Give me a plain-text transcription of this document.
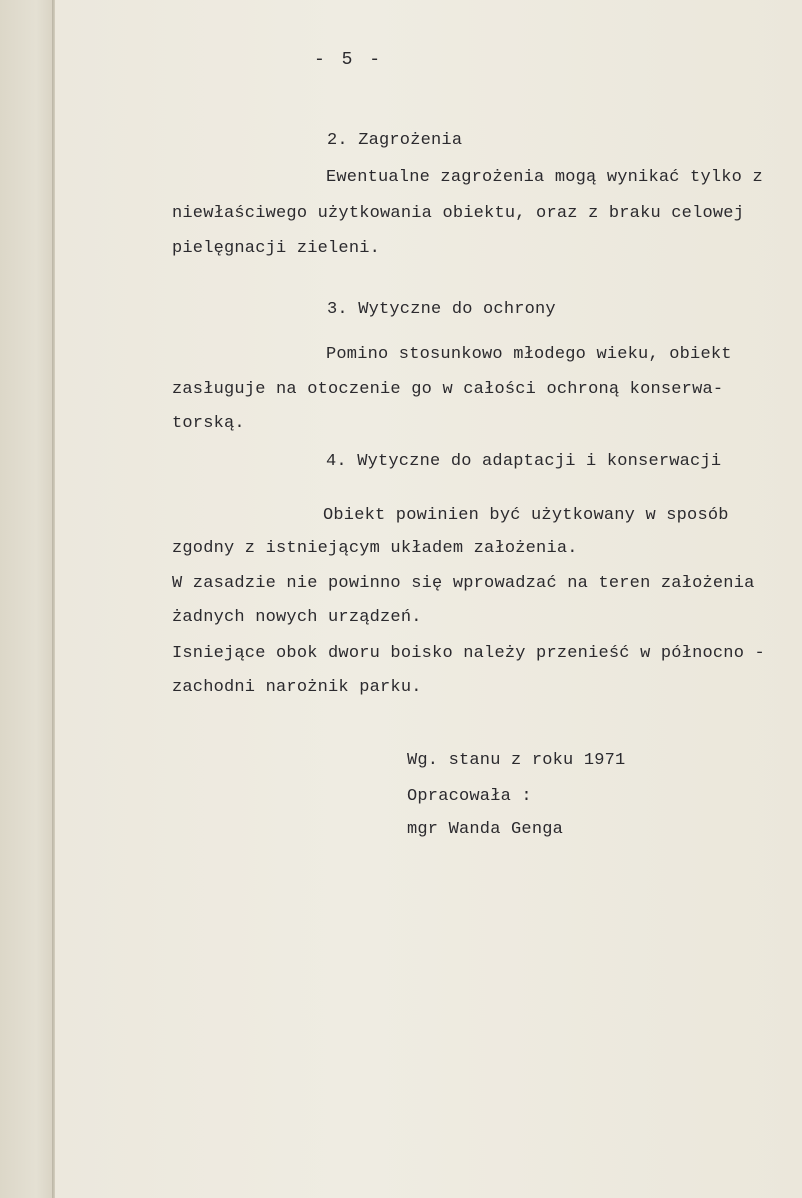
- 5 -
2. Zagrożenia
Ewentualne zagrożenia mogą wynikać tylko z
niewłaściwego użytkowania obiektu, oraz z braku celowej
pielęgnacji zieleni.
3. Wytyczne do ochrony
Pomino stosunkowo młodego wieku, obiekt
zasługuje na otoczenie go w całości ochroną konserwa-
torską.
4. Wytyczne do adaptacji i konserwacji
Obiekt powinien być użytkowany w sposób
zgodny z istniejącym układem założenia.
W zasadzie nie powinno się wprowadzać na teren założenia
żadnych nowych urządzeń.
Isniejące obok dworu boisko należy przenieść w północno -
zachodni narożnik parku.
Wg. stanu z roku 1971
Opracowała :
mgr Wanda Genga
